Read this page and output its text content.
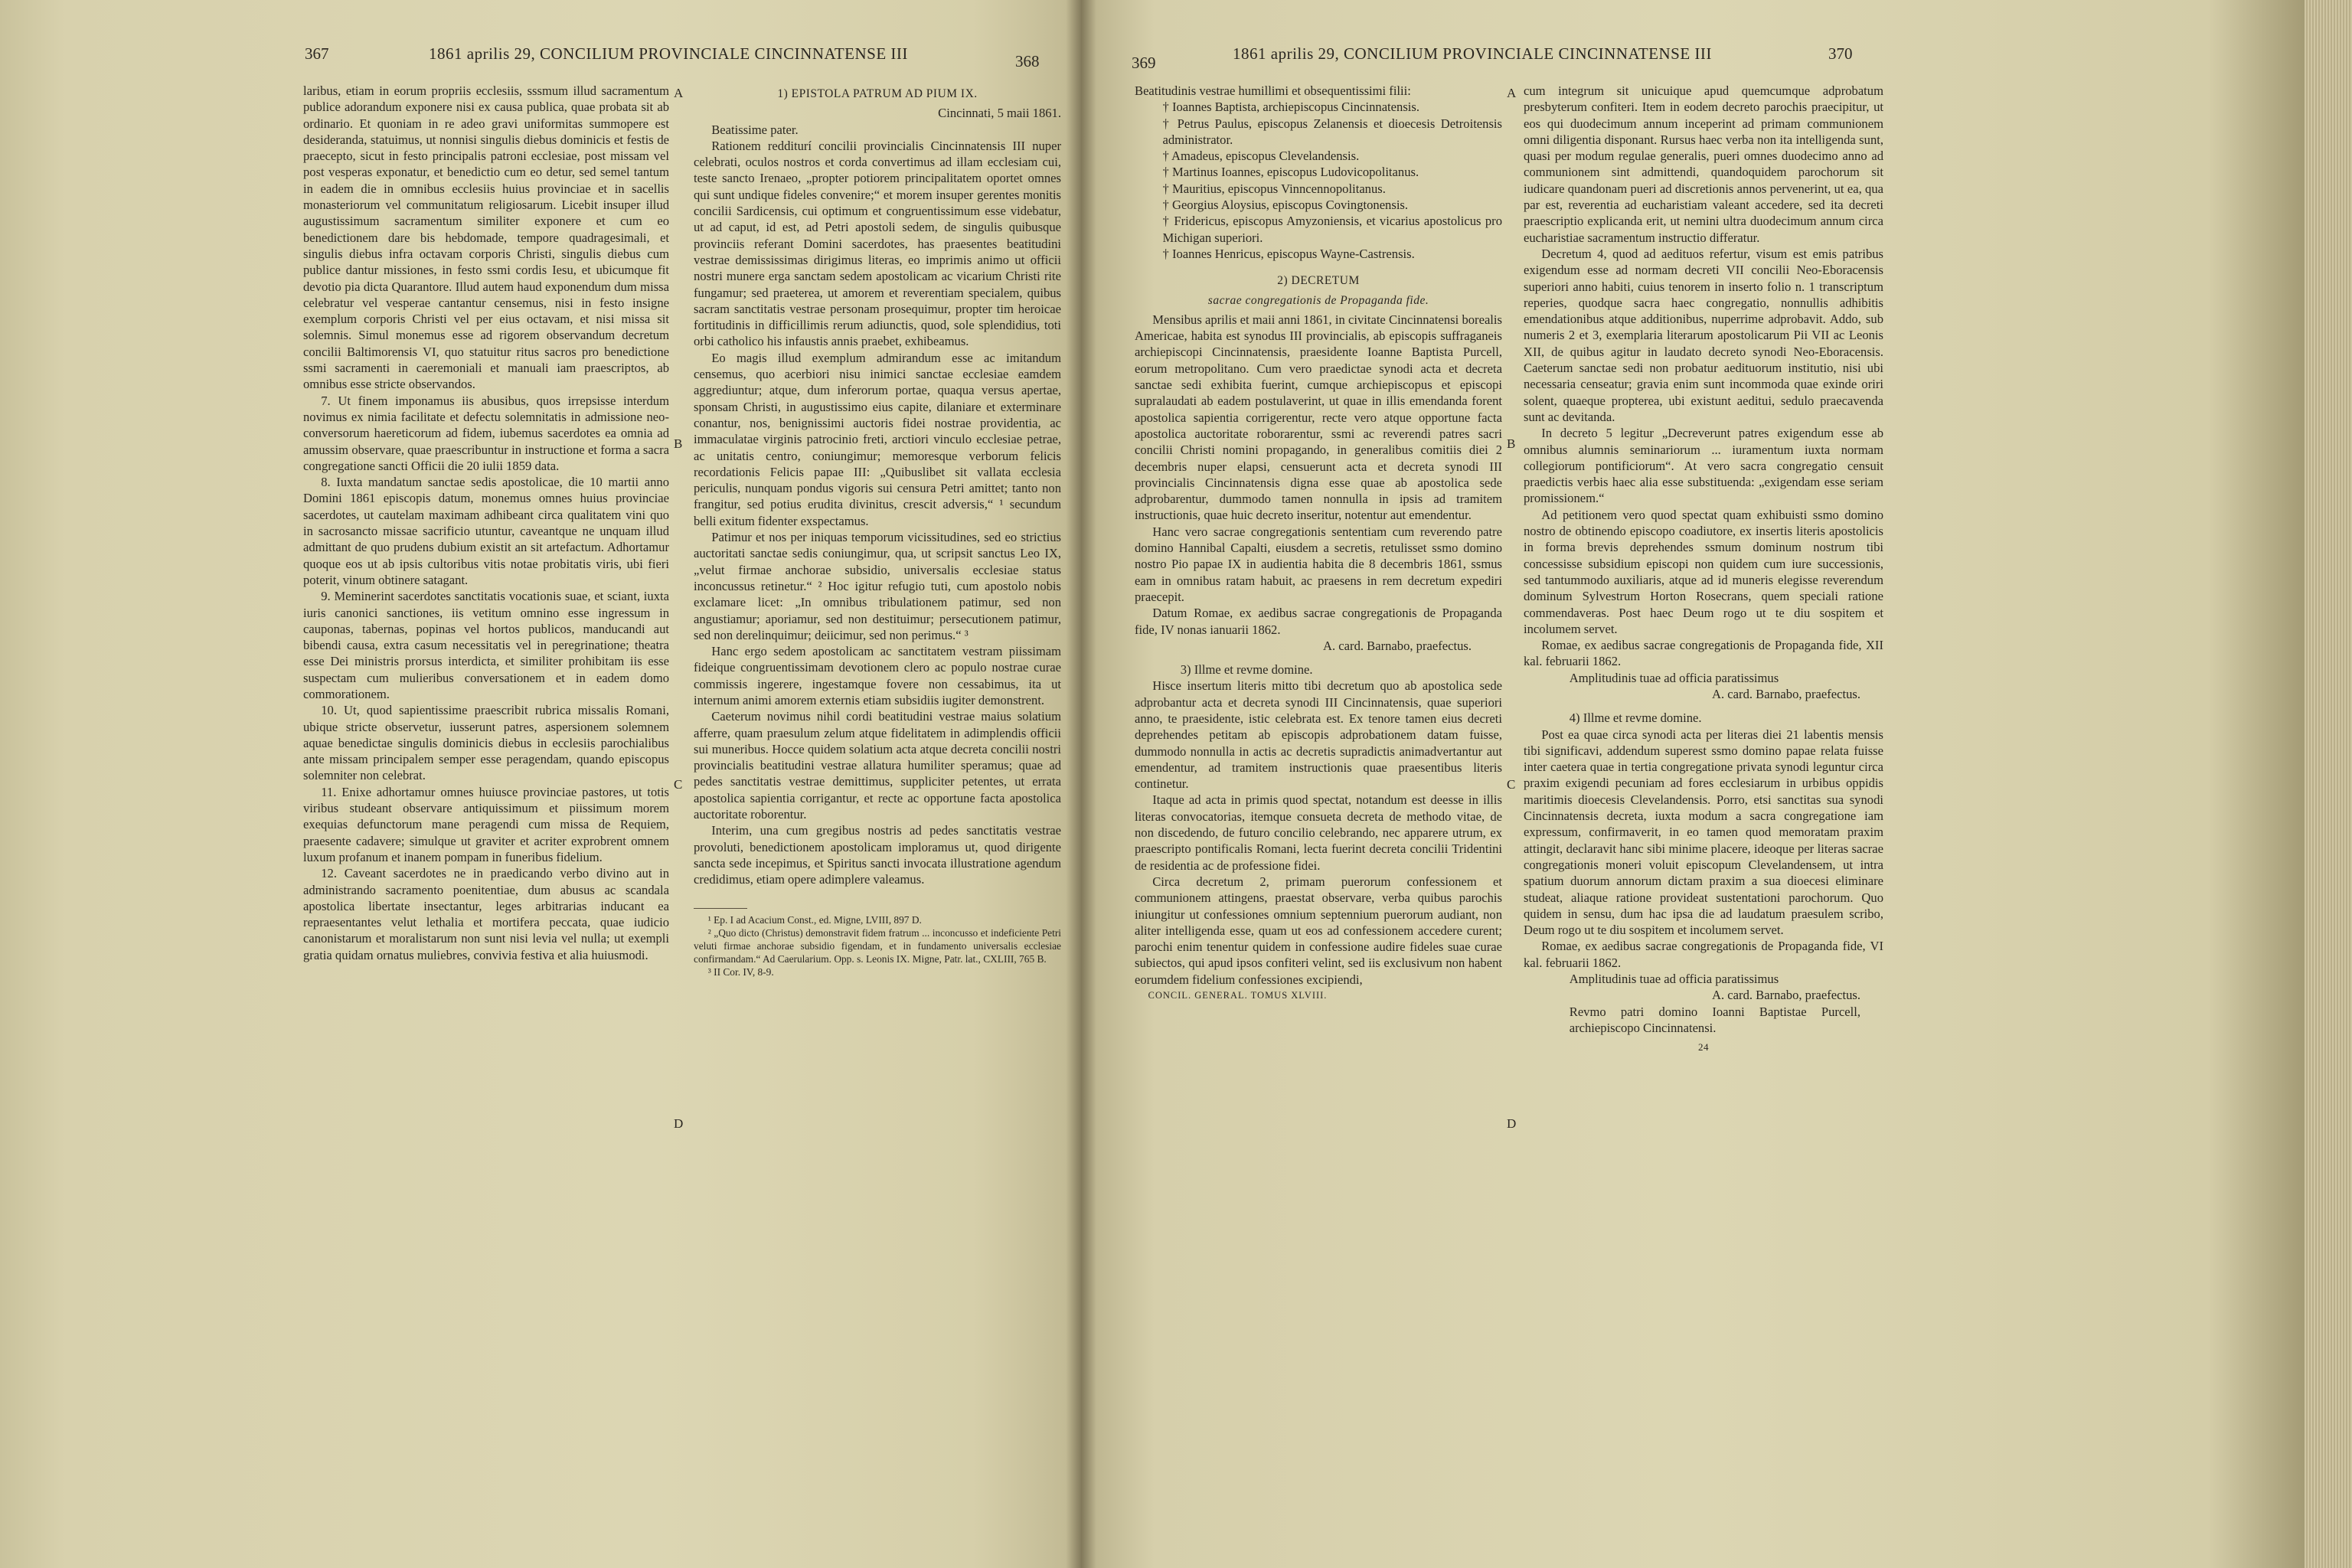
367	1861 aprilis 29, CONCILIUM PROVINCIALE CINCINNATENSE III	368

laribus, etiam in eorum propriis ecclesiis, sssmum illud sacramentum publice adorandum exponere nisi ex causa publica, quae probata sit ab ordinario. Et quoniam in re adeo gravi uniformitas summopere est desideranda, statuimus, ut nonnisi singulis diebus dominicis et festis de praecepto, sicut in festo principalis patroni ecclesiae, post missam vel post vesperas exponatur, et benedictio cum eo detur, sed semel tantum in eadem die in omnibus ecclesiis huius provinciae et in sacellis monasteriorum vel communitatum religiosarum. Licebit insuper illud augustissimum sacramentum similiter exponere et cum eo benedictionem dare bis hebdomade, tempore quadragesimali, et singulis diebus infra octavam corporis Christi, singulis diebus cum publice dantur missiones, in festo ssmi cordis Iesu, et ubicumque fit devotio pia dicta Quarantore. Illud autem haud exponendum dum missa celebratur vel vesperae cantantur censemus, nisi in festo insigne exemplum corporis Christi vel per eius octavam, et nisi missa sit solemnis. Simul monemus esse ad rigorem observandum decretum concilii Baltimorensis VI, quo statuitur ritus sacros pro benedictione ssmi sacramenti in caeremoniali et manuali iam praescriptos, ab omnibus esse stricte observandos.

7. Ut finem imponamus iis abusibus, quos irrepsisse interdum novimus ex nimia facilitate et defectu solemnitatis in admissione neo-conversorum haereticorum ad fidem, iubemus sacerdotes ea omnia ad amussim observare, quae praescribuntur in instructione et forma a sacra congregatione sancti Officii die 20 iulii 1859 data.

8. Iuxta mandatum sanctae sedis apostolicae, die 10 martii anno Domini 1861 episcopis datum, monemus omnes huius provinciae sacerdotes, ut cautelam maximam adhibeant circa qualitatem vini quo in sacrosancto missae sacrificio utuntur, caveantque ne unquam illud admittant de quo prudens dubium existit an sit artefactum. Adhortamur quoque eos ut ab ipsis cultoribus vitis notae probitatis viris, ubi fieri poterit, vinum obtinere satagant.

9. Meminerint sacerdotes sanctitatis vocationis suae, et sciant, iuxta iuris canonici sanctiones, iis vetitum omnino esse ingressum in cauponas, tabernas, popinas vel hortos publicos, manducandi aut bibendi causa, extra casum necessitatis vel in peregrinatione; theatra esse Dei ministris prorsus interdicta, et similiter prohibitam iis esse suspectam cum mulieribus conversationem et in eadem domo commorationem.

10. Ut, quod sapientissime praescribit rubrica missalis Romani, ubique stricte observetur, iusserunt patres, aspersionem solemnem aquae benedictae singulis dominicis diebus in ecclesiis parochialibus ante missam principalem semper esse peragendam, quando episcopus solemniter non celebrat.

11. Enixe adhortamur omnes huiusce provinciae pastores, ut totis viribus studeant observare antiquissimum et piissimum morem exequias defunctorum mane peragendi cum missa de Requiem, praesente cadavere; simulque ut graviter et acriter exprobrent omnem luxum profanum et inanem pompam in funeribus fidelium.

12. Caveant sacerdotes ne in praedicando verbo divino aut in administrando sacramento poenitentiae, dum abusus ac scandala apostolica libertate insectantur, leges arbitrarias inducant ea repraesentantes velut lethalia et mortifera peccata, quae iudicio canonistarum et moralistarum non sunt nisi levia vel nulla; ut exempli gratia quidam ornatus muliebres, convivia festiva et alia huiusmodi.

A
B
C
D

1) EPISTOLA PATRUM AD PIUM IX.

Cincinnati, 5 maii 1861.

Beatissime pater.

Rationem redditurí concilii provincialis Cincinnatensis III nuper celebrati, oculos nostros et corda convertimus ad illam ecclesiam cui, teste sancto Irenaeo, „propter potiorem principalitatem oportet omnes qui sunt undique fideles convenire;“ et morem insuper gerentes monitis concilii Sardicensis, cui optimum et congruentissimum esse videbatur, ut ad caput, id est, ad Petri apostoli sedem, de singulis quibusque provinciis referant Domini sacerdotes, has praesentes beatitudini vestrae demississimas dirigimus literas, eo imprimis animo ut officii nostri munere erga sanctam sedem apostolicam ac vicarium Christi rite fungamur; sed praeterea, ut amorem et reverentiam specialem, quibus sacram sanctitatis vestrae personam prosequimur, propter tim heroicae fortitudinis in difficillimis rerum adiunctis, quod, sole splendidius, toti orbi catholico his infaustis annis praebet, exhibeamus.

Eo magis illud exemplum admirandum esse ac imitandum censemus, quo acerbiori nisu inimici sanctae ecclesiae eamdem aggrediuntur; atque, dum inferorum portae, quaqua versus apertae, sponsam Christi, in augustissimo eius capite, dilaniare et exterminare conantur, nos, benignissimi auctoris fidei nostrae providentia, ac immaculatae virginis patrocinio freti, arctiori vinculo ecclesiae petrae, ac unitatis centro, coniungimur; memoresque verborum felicis recordationis Felicis papae III: „Quibuslibet sit vallata ecclesia periculis, nunquam pondus vigoris sui censura Petri amittet; tanto non frangitur, sed potius erudita divinitus, crescit adversis,“ ¹ secundum belli exitum fidenter exspectamus.

Patimur et nos per iniquas temporum vicissitudines, sed eo strictius auctoritati sanctae sedis coniungimur, qua, ut scripsit sanctus Leo IX, „velut firmae anchorae subsidio, universalis ecclesiae status inconcussus retinetur.“ ² Hoc igitur refugio tuti, cum apostolo nobis exclamare licet: „In omnibus tribulationem patimur, sed non angustiamur; aporiamur, sed non destituimur; persecutionem patimur, sed non derelinquimur; deiicimur, sed non perimus.“ ³

Hanc ergo sedem apostolicam ac sanctitatem vestram piissimam fideique congruentissimam devotionem clero ac populo nostrae curae commissis ingerere, ingestamque fovere non cessabimus, ita ut internum animi amorem externis etiam subsidiis iugiter demonstrent.

Caeterum novimus nihil cordi beatitudini vestrae maius solatium afferre, quam praesulum zelum atque fidelitatem in adimplendis officii sui muneribus. Hocce quidem solatium acta atque decreta concilii nostri provincialis beatitudini vestrae allatura humiliter speramus; quae ad pedes sanctitatis vestrae demittimus, suppliciter petentes, ut errata apostolica sapientia corrigantur, et recte ac opportune facta apostolica auctoritate roborentur.

Interim, una cum gregibus nostris ad pedes sanctitatis vestrae provoluti, benedictionem apostolicam imploramus ut, quod dirigente sancta sede incepimus, et Spiritus sancti invocata illustratione agendum credidimus, etiam opere adimplere valeamus.

¹ Ep. I ad Acacium Const., ed. Migne, LVIII, 897 D.

² „Quo dicto (Christus) demonstravit fidem fratrum ... inconcusso et indeficiente Petri veluti firmae anchorae subsidio figendam, et in fundamento universalis ecclesiae confirmandam.“ Ad Caerularium. Opp. s. Leonis IX. Migne, Patr. lat., CXLIII, 765 B.

³ II Cor. IV, 8-9.

369	1861 aprilis 29, CONCILIUM PROVINCIALE CINCINNATENSE III	370

Beatitudinis vestrae humillimi et obsequentissimi filii:

† Ioannes Baptista, archiepiscopus Cincinnatensis.

† Petrus Paulus, episcopus Zelanensis et dioecesis Detroitensis administrator.

† Amadeus, episcopus Clevelandensis.

† Martinus Ioannes, episcopus Ludovicopolitanus.

† Mauritius, episcopus Vinncennopolitanus.

† Georgius Aloysius, episcopus Covingtonensis.

† Fridericus, episcopus Amyzoniensis, et vicarius apostolicus pro Michigan superiori.

† Ioannes Henricus, episcopus Wayne-Castrensis.

2) DECRETUM

sacrae congregationis de Propaganda fide.

Mensibus aprilis et maii anni 1861, in civitate Cincinnatensi borealis Americae, habita est synodus III provincialis, ab episcopis suffraganeis archiepiscopi Cincinnatensis, praesidente Ioanne Baptista Purcell, eorum metropolitano. Cum vero praedictae synodi acta et decreta sanctae sedi exhibita fuerint, cumque archiepiscopus et episcopi supralaudati ab eadem postulaverint, ut quae in illis emendanda forent apostolica sapientia corrigerentur, recte vero atque opportune facta apostolica auctoritate roborarentur, ssmi ac reverendi patres sacri concilii Christi nomini propagando, in generalibus comitiis diei 2 decembris nuper elapsi, censuerunt acta et decreta synodi III provincialis Cincinnatensis digna esse quae ab apostolica sede adprobarentur, dummodo tamen nonnulla in ipsis ad tramitem instructionis, quae huic decreto inseritur, notentur aut emendentur.

Hanc vero sacrae congregationis sententiam cum reverendo patre domino Hannibal Capalti, eiusdem a secretis, retulisset ssmo domino nostro Pio papae IX in audientia habita die 8 decembris 1861, ssmus eam in omnibus ratam habuit, ac praesens in rem decretum expediri praecepit.

Datum Romae, ex aedibus sacrae congregationis de Propaganda fide, IV nonas ianuarii 1862.

A. card. Barnabo, praefectus.

3) Illme et revme domine.

Hisce insertum literis mitto tibi decretum quo ab apostolica sede adprobantur acta et decreta synodi III Cincinnatensis, quae superiori anno, te praesidente, istic celebrata est. Ex tenore tamen eius decreti deprehendes petitam ab episcopis adprobationem datam fuisse, dummodo nonnulla in actis ac decretis supradictis animadvertantur aut emendentur, ad tramitem instructionis quae praesentibus literis continetur.

Itaque ad acta in primis quod spectat, notandum est deesse in illis literas convocatorias, itemque consueta decreta de methodo vitae, de non discedendo, de futuro concilio celebrando, nec apparere utrum, ex praescripto pontificalis Romani, lecta fuerint decreta concilii Tridentini de residentia ac de professione fidei.

Circa decretum 2, primam puerorum confessionem et communionem attingens, praestat observare, verba quibus parochis iniungitur ut confessiones omnium septennium puerorum audiant, non aliter intelligenda esse, quam ut eos ad confessionem accedere curent; parochi enim tenentur quidem in confessione audire fideles suae curae subiectos, qui apud ipsos confiteri velint, sed iis exclusivum non habent eorumdem fidelium confessiones excipiendi,

CONCIL. GENERAL. TOMUS XLVIII.

A
B
C
D

cum integrum sit unicuique apud quemcumque adprobatum presbyterum confiteri. Item in eodem decreto parochis praecipitur, ut eos qui duodecimum annum inceperint ad primam communionem omni diligentia disponant. Rursus haec verba non ita intelligenda sunt, quasi per modum regulae generalis, pueri omnes duodecimo anno ad communionem sint admittendi, quandoquidem parochorum sit iudicare quandonam pueri ad discretionis annos pervenerint, ut ea, qua par est, reverentia ad eucharistiam valeant accedere, sed ita decreti praescriptio explicanda erit, ut nemini ultra duodecimum annum circa eucharistiae sacramentum instructio differatur.

Decretum 4, quod ad aedituos refertur, visum est emis patribus exigendum esse ad normam decreti VII concilii Neo-Eboracensis superiori anno habiti, cuius tenorem in inserto folio n. 1 transcriptum reperies, quodque sacra haec congregatio, nonnullis adhibitis emendationibus atque additionibus, nuperrime adprobavit. Addo, sub numeris 2 et 3, exemplaria literarum apostolicarum Pii VII ac Leonis XII, de quibus agitur in laudato decreto synodi Neo-Eboracensis. Caeterum sanctae sedi non probatur aedituorum institutio, nisi ubi necessaria censeatur; gravia enim sunt incommoda quae exinde oriri solent, quaeque propterea, ubi existunt aeditui, sedulo praecavenda sunt ac devitanda.

In decreto 5 legitur „Decreverunt patres exigendum esse ab omnibus alumnis seminariorum ... iuramentum iuxta normam collegiorum pontificiorum“. At vero sacra congregatio censuit praedictis verbis haec alia esse substituenda: „exigendam esse seriam promissionem.“

Ad petitionem vero quod spectat quam exhibuisti ssmo domino nostro de obtinendo episcopo coadiutore, ex insertis literis apostolicis in forma brevis deprehendes ssmum dominum nostrum tibi concessisse subsidium episcopi non quidem cum iure successionis, sed tantummodo auxiliaris, atque ad id muneris elegisse reverendum dominum Sylvestrum Horton Rosecrans, quem speciali ratione commendaveras. Post haec Deum rogo ut te diu sospitem et incolumem servet.

Romae, ex aedibus sacrae congregationis de Propaganda fide, XII kal. februarii 1862.

Amplitudinis tuae ad officia paratissimus

A. card. Barnabo, praefectus.

4) Illme et revme domine.

Post ea quae circa synodi acta per literas diei 21 labentis mensis tibi significavi, addendum superest ssmo domino papae relata fuisse inter caetera quae in tertia congregatione privata synodi leguntur circa praxim exigendi pecuniam ad fores ecclesiarum in urbibus oppidis maritimis dioecesis Clevelandensis. Porro, etsi sanctitas sua synodi Cincinnatensis decreta, iuxta modum a sacra congregatione iam expressum, confirmaverit, in eo tamen quod memoratam praxim attingit, declaravit hanc sibi minime placere, ideoque per literas sacrae congregationis moneri voluit episcopum Clevelandensem, ut intra spatium duorum annorum dictam praxim a sua dioecesi eliminare studeat, aliaque ratione provideat sustentationi parochorum. Quo quidem in sensu, dum hac ipsa die ad laudatum praesulem scribo, Deum rogo ut te diu sospitem et incolumem servet.

Romae, ex aedibus sacrae congregationis de Propaganda fide, VI kal. februarii 1862.

Amplitudinis tuae ad officia paratissimus

A. card. Barnabo, praefectus.

Revmo patri domino Ioanni Baptistae Purcell, archiepiscopo Cincinnatensi.

24
